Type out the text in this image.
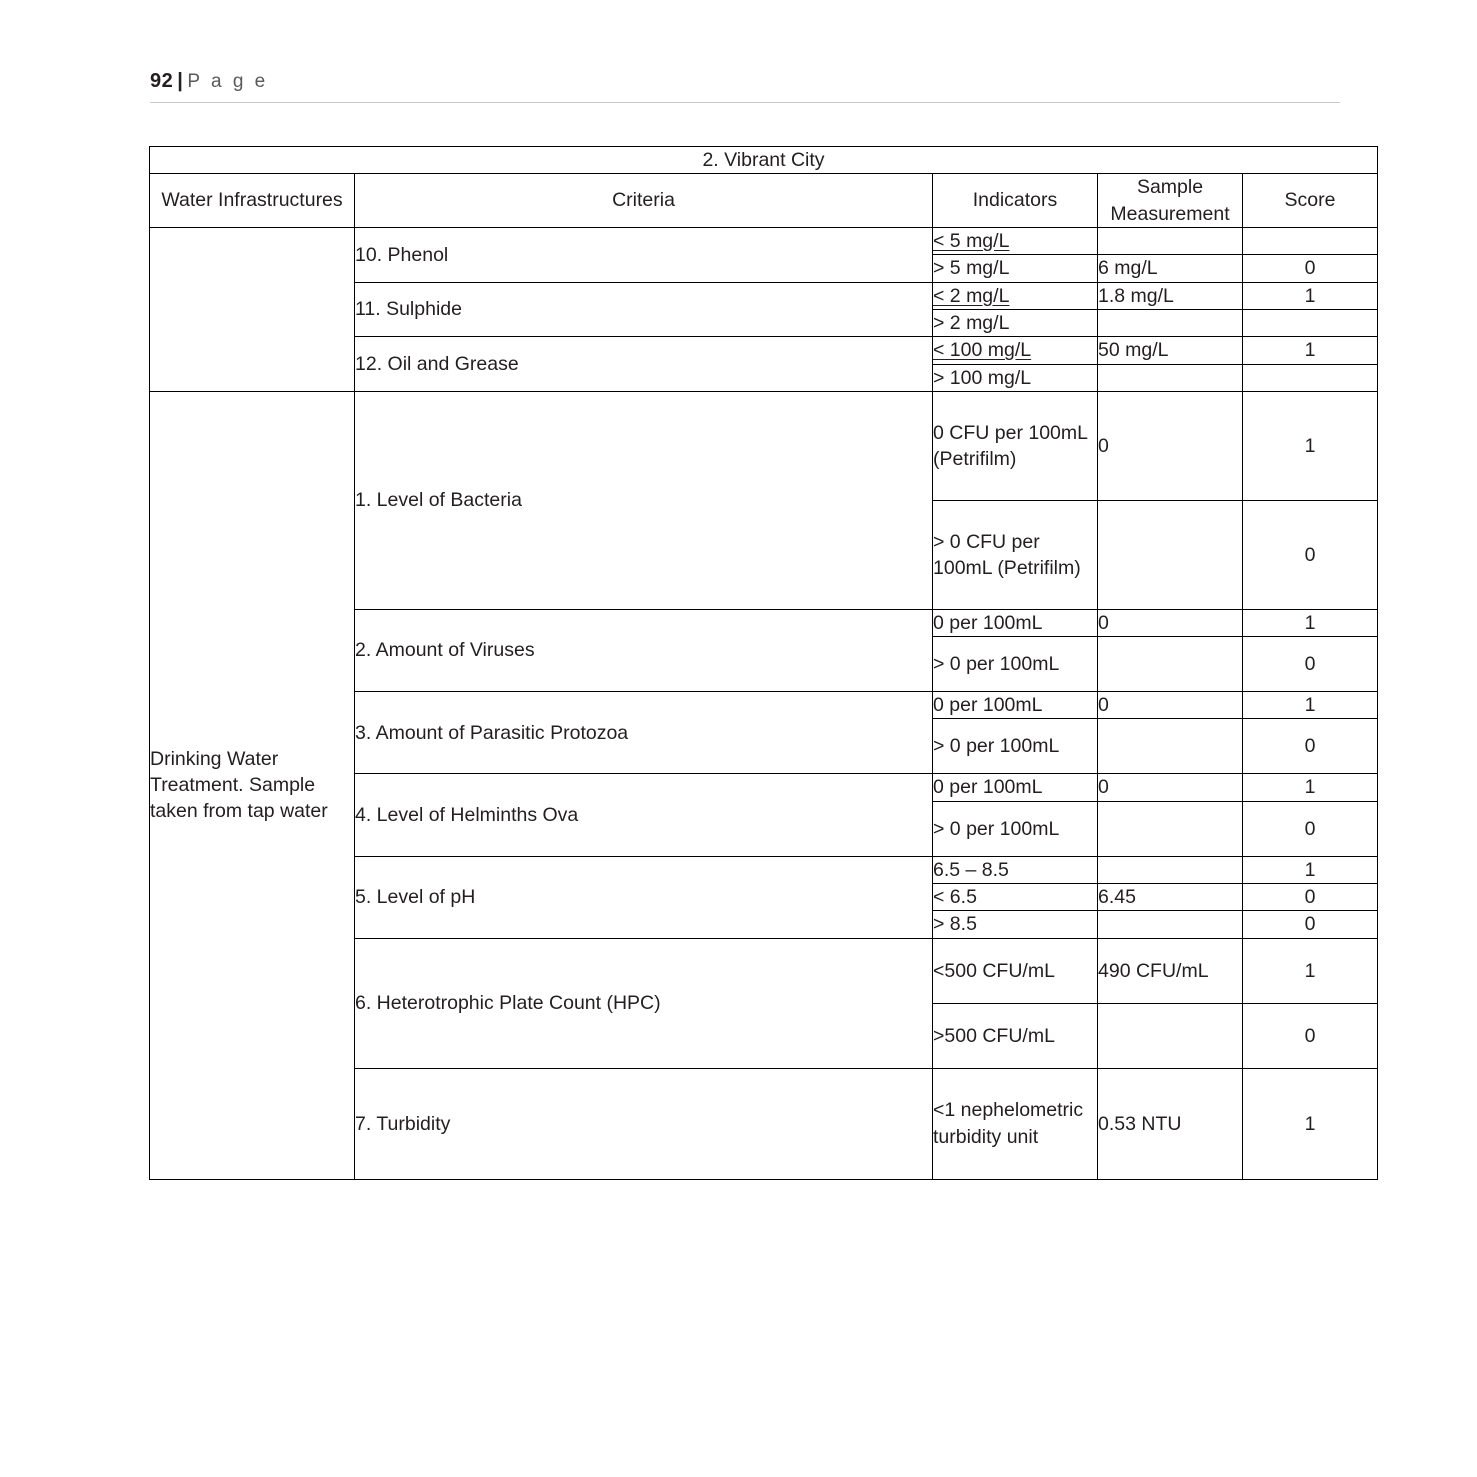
92 | P a g e
2. Vibrant City				
Water Infrastructures	Criteria	Indicators	Sample Measurement	Score
	10. Phenol	< 5 mg/L		
		> 5 mg/L	6 mg/L	0
	11. Sulphide	< 2 mg/L	1.8 mg/L	1
		> 2 mg/L		
	12. Oil and Grease	< 100 mg/L	50 mg/L	1
		> 100 mg/L		
Drinking Water Treatment. Sample taken from tap water	1. Level of Bacteria	0 CFU per 100mL (Petrifilm)	0	1
		> 0 CFU per 100mL (Petrifilm)		0
	2. Amount of Viruses	0 per 100mL	0	1
		> 0 per 100mL		0
	3. Amount of Parasitic Protozoa	0 per 100mL	0	1
		> 0 per 100mL		0
	4. Level of Helminths Ova	0 per 100mL	0	1
		> 0 per 100mL		0
	5. Level of pH	6.5 – 8.5		1
		< 6.5	6.45	0
		> 8.5		0
	6. Heterotrophic Plate Count (HPC)	<500 CFU/mL	490 CFU/mL	1
		>500 CFU/mL		0
	7. Turbidity	<1 nephelometric turbidity unit	0.53 NTU	1
